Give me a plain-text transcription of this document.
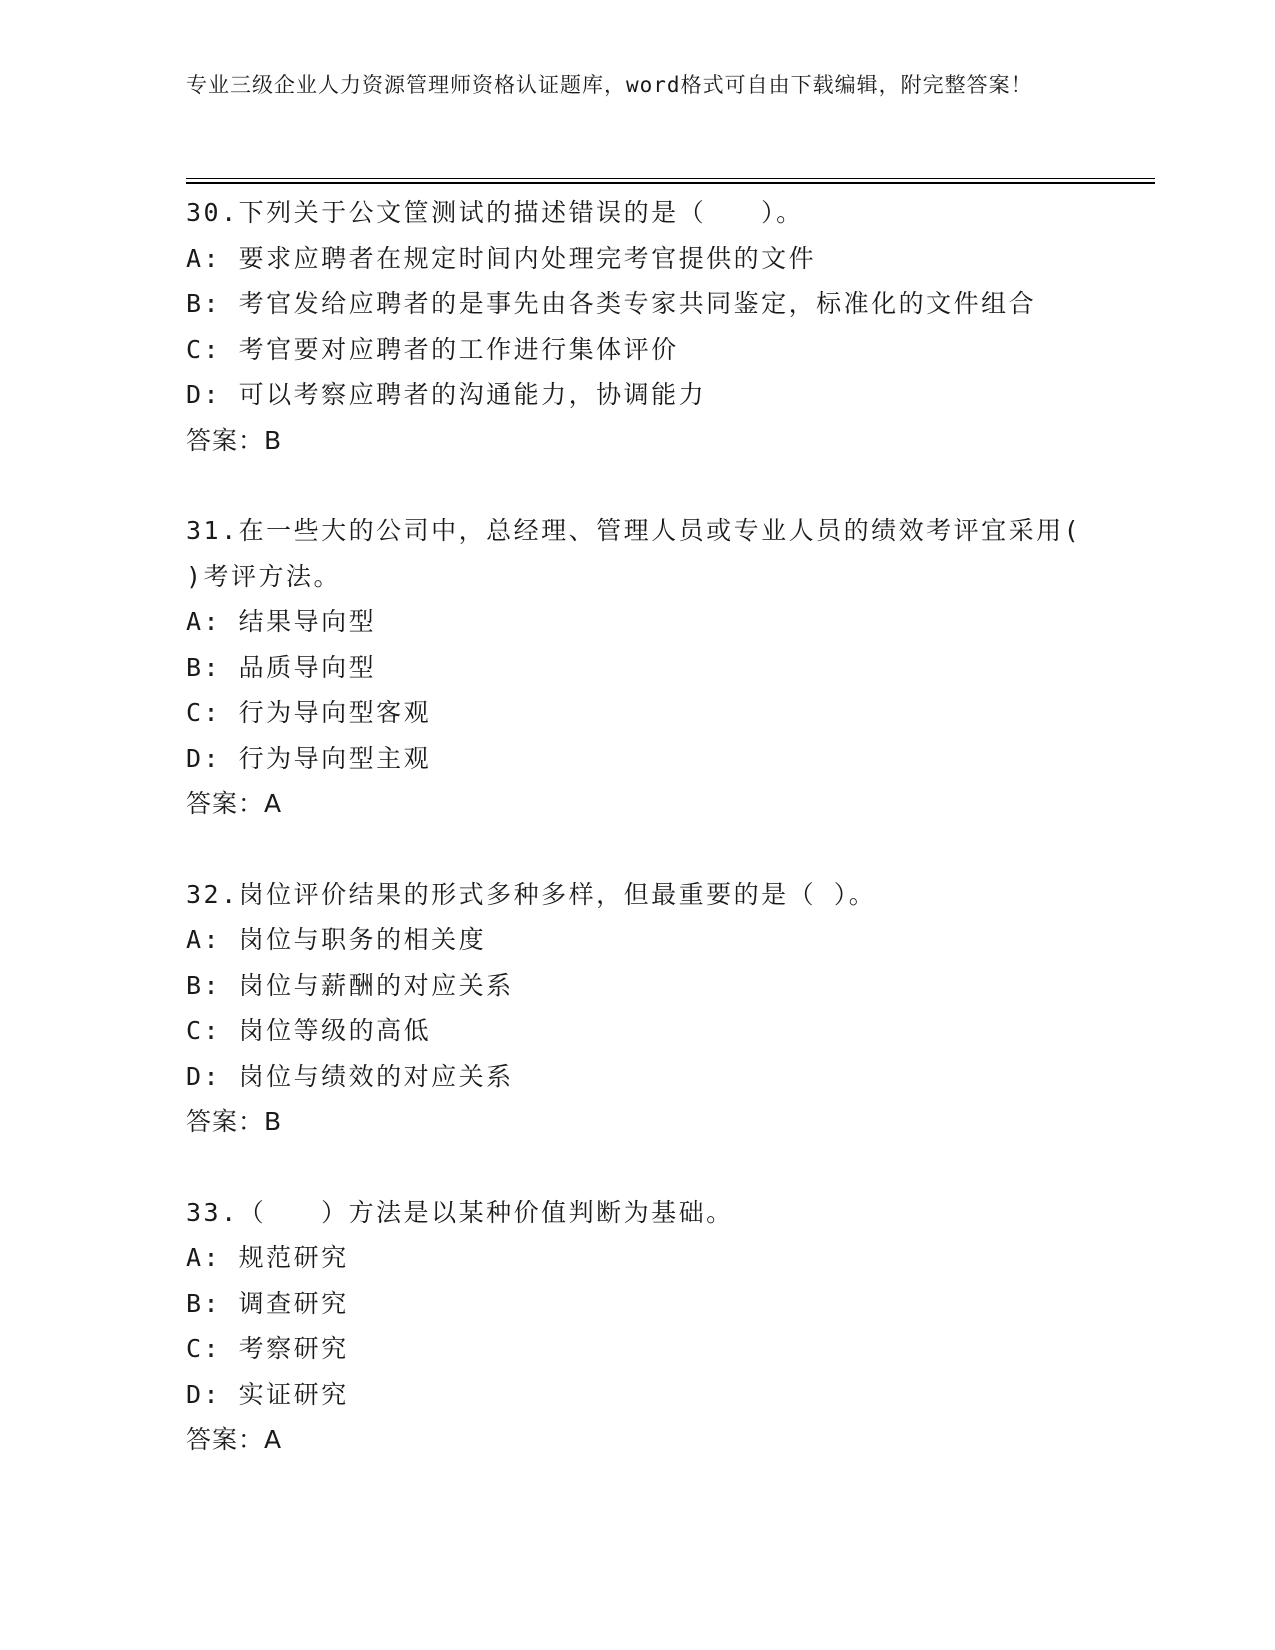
专业三级企业人力资源管理师资格认证题库，word格式可自由下载编辑，附完整答案！
30.下列关于公文筐测试的描述错误的是（　　）。
A: 要求应聘者在规定时间内处理完考官提供的文件
B: 考官发给应聘者的是事先由各类专家共同鉴定，标准化的文件组合
C: 考官要对应聘者的工作进行集体评价
D: 可以考察应聘者的沟通能力，协调能力
答案：B
31.在一些大的公司中，总经理、管理人员或专业人员的绩效考评宜采用( )考评方法。
A: 结果导向型
B: 品质导向型
C: 行为导向型客观
D: 行为导向型主观
答案：A
32.岗位评价结果的形式多种多样，但最重要的是（ ）。
A: 岗位与职务的相关度
B: 岗位与薪酬的对应关系
C: 岗位等级的高低
D: 岗位与绩效的对应关系
答案：B
33.（　　）方法是以某种价值判断为基础。
A: 规范研究
B: 调查研究
C: 考察研究
D: 实证研究
答案：A
